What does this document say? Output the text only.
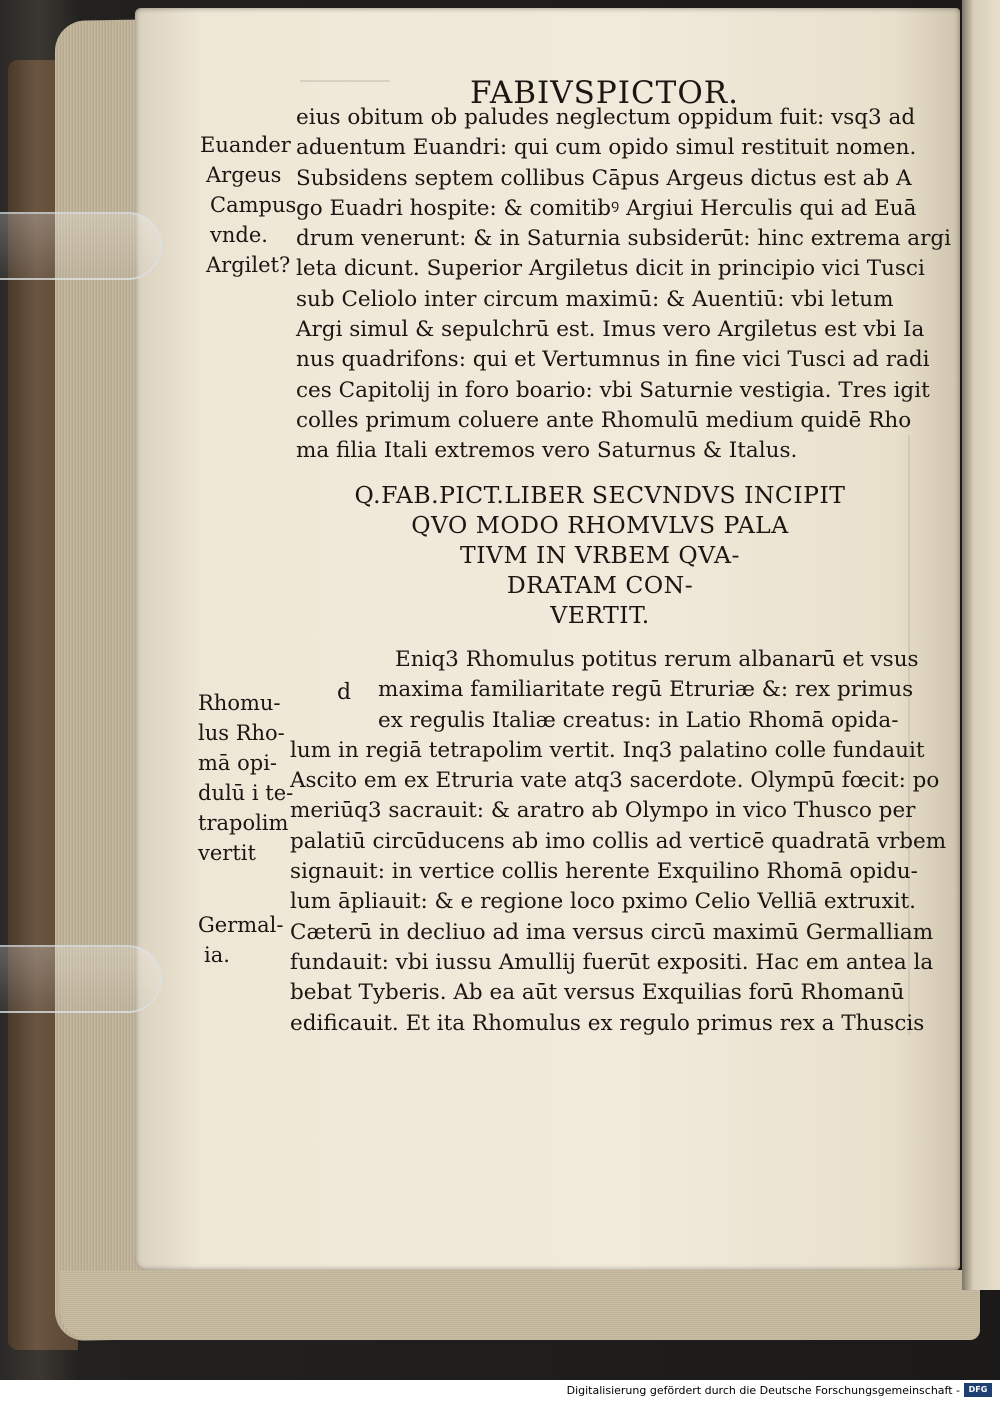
FABIVSPICTOR.
Euander
Argeus
Campus
vnde.
Argilet?
eius obitum ob paludes neglectum oppidum fuit: vsq3 ad
aduentum Euandri: qui cum opido simul restituit nomen.
Subsidens septem collibus Cāpus Argeus dictus est ab A
go Euadri hospite: & comitibꝰ Argiui Herculis qui ad Euā
drum venerunt: & in Saturnia subsiderūt: hinc extrema argi
leta dicunt. Superior Argiletus dicit in principio vici Tusci
sub Celiolo inter circum maximū: & Auentiū: vbi letum
Argi simul & sepulchrū est. Imus vero Argiletus est vbi Ia
nus quadrifons: qui et Vertumnus in fine vici Tusci ad radi
ces Capitolij in foro boario: vbi Saturnie vestigia. Tres igit
colles primum coluere ante Rhomulū medium quidē Rho
ma filia Itali extremos vero Saturnus & Italus.
Q.FAB.PICT.LIBER SECVNDVS INCIPIT
QVO MODO RHOMVLVS PALA
TIVM IN VRBEM QVA-
DRATAM CON-
VERTIT.
d
Rhomu-
lus Rho-
mā opi-
dulū i te-
trapolim
vertit
Germal-
ia.
Eniq3 Rhomulus potitus rerum albanarū et vsus
maxima familiaritate regū Etruriæ &: rex primus
ex regulis Italiæ creatus: in Latio Rhomā opida-
lum in regiā tetrapolim vertit. Inq3 palatino colle fundauit
Ascito em ex Etruria vate atq3 sacerdote. Olympū fœcit: po
meriūq3 sacrauit: & aratro ab Olympo in vico Thusco per
palatiū circūducens ab imo collis ad verticē quadratā vrbem
signauit: in vertice collis herente Exquilino Rhomā opidu-
lum āpliauit: & e regione loco pximo Celio Velliā extruxit.
Cæterū in decliuo ad ima versus circū maximū Germalliam
fundauit: vbi iussu Amullij fuerūt expositi. Hac em antea la
bebat Tyberis. Ab ea aūt versus Exquilias forū Rhomanū
edificauit. Et ita Rhomulus ex regulo primus rex a Thuscis
Digitalisierung gefördert durch die Deutsche Forschungsgemeinschaft -	DFG
